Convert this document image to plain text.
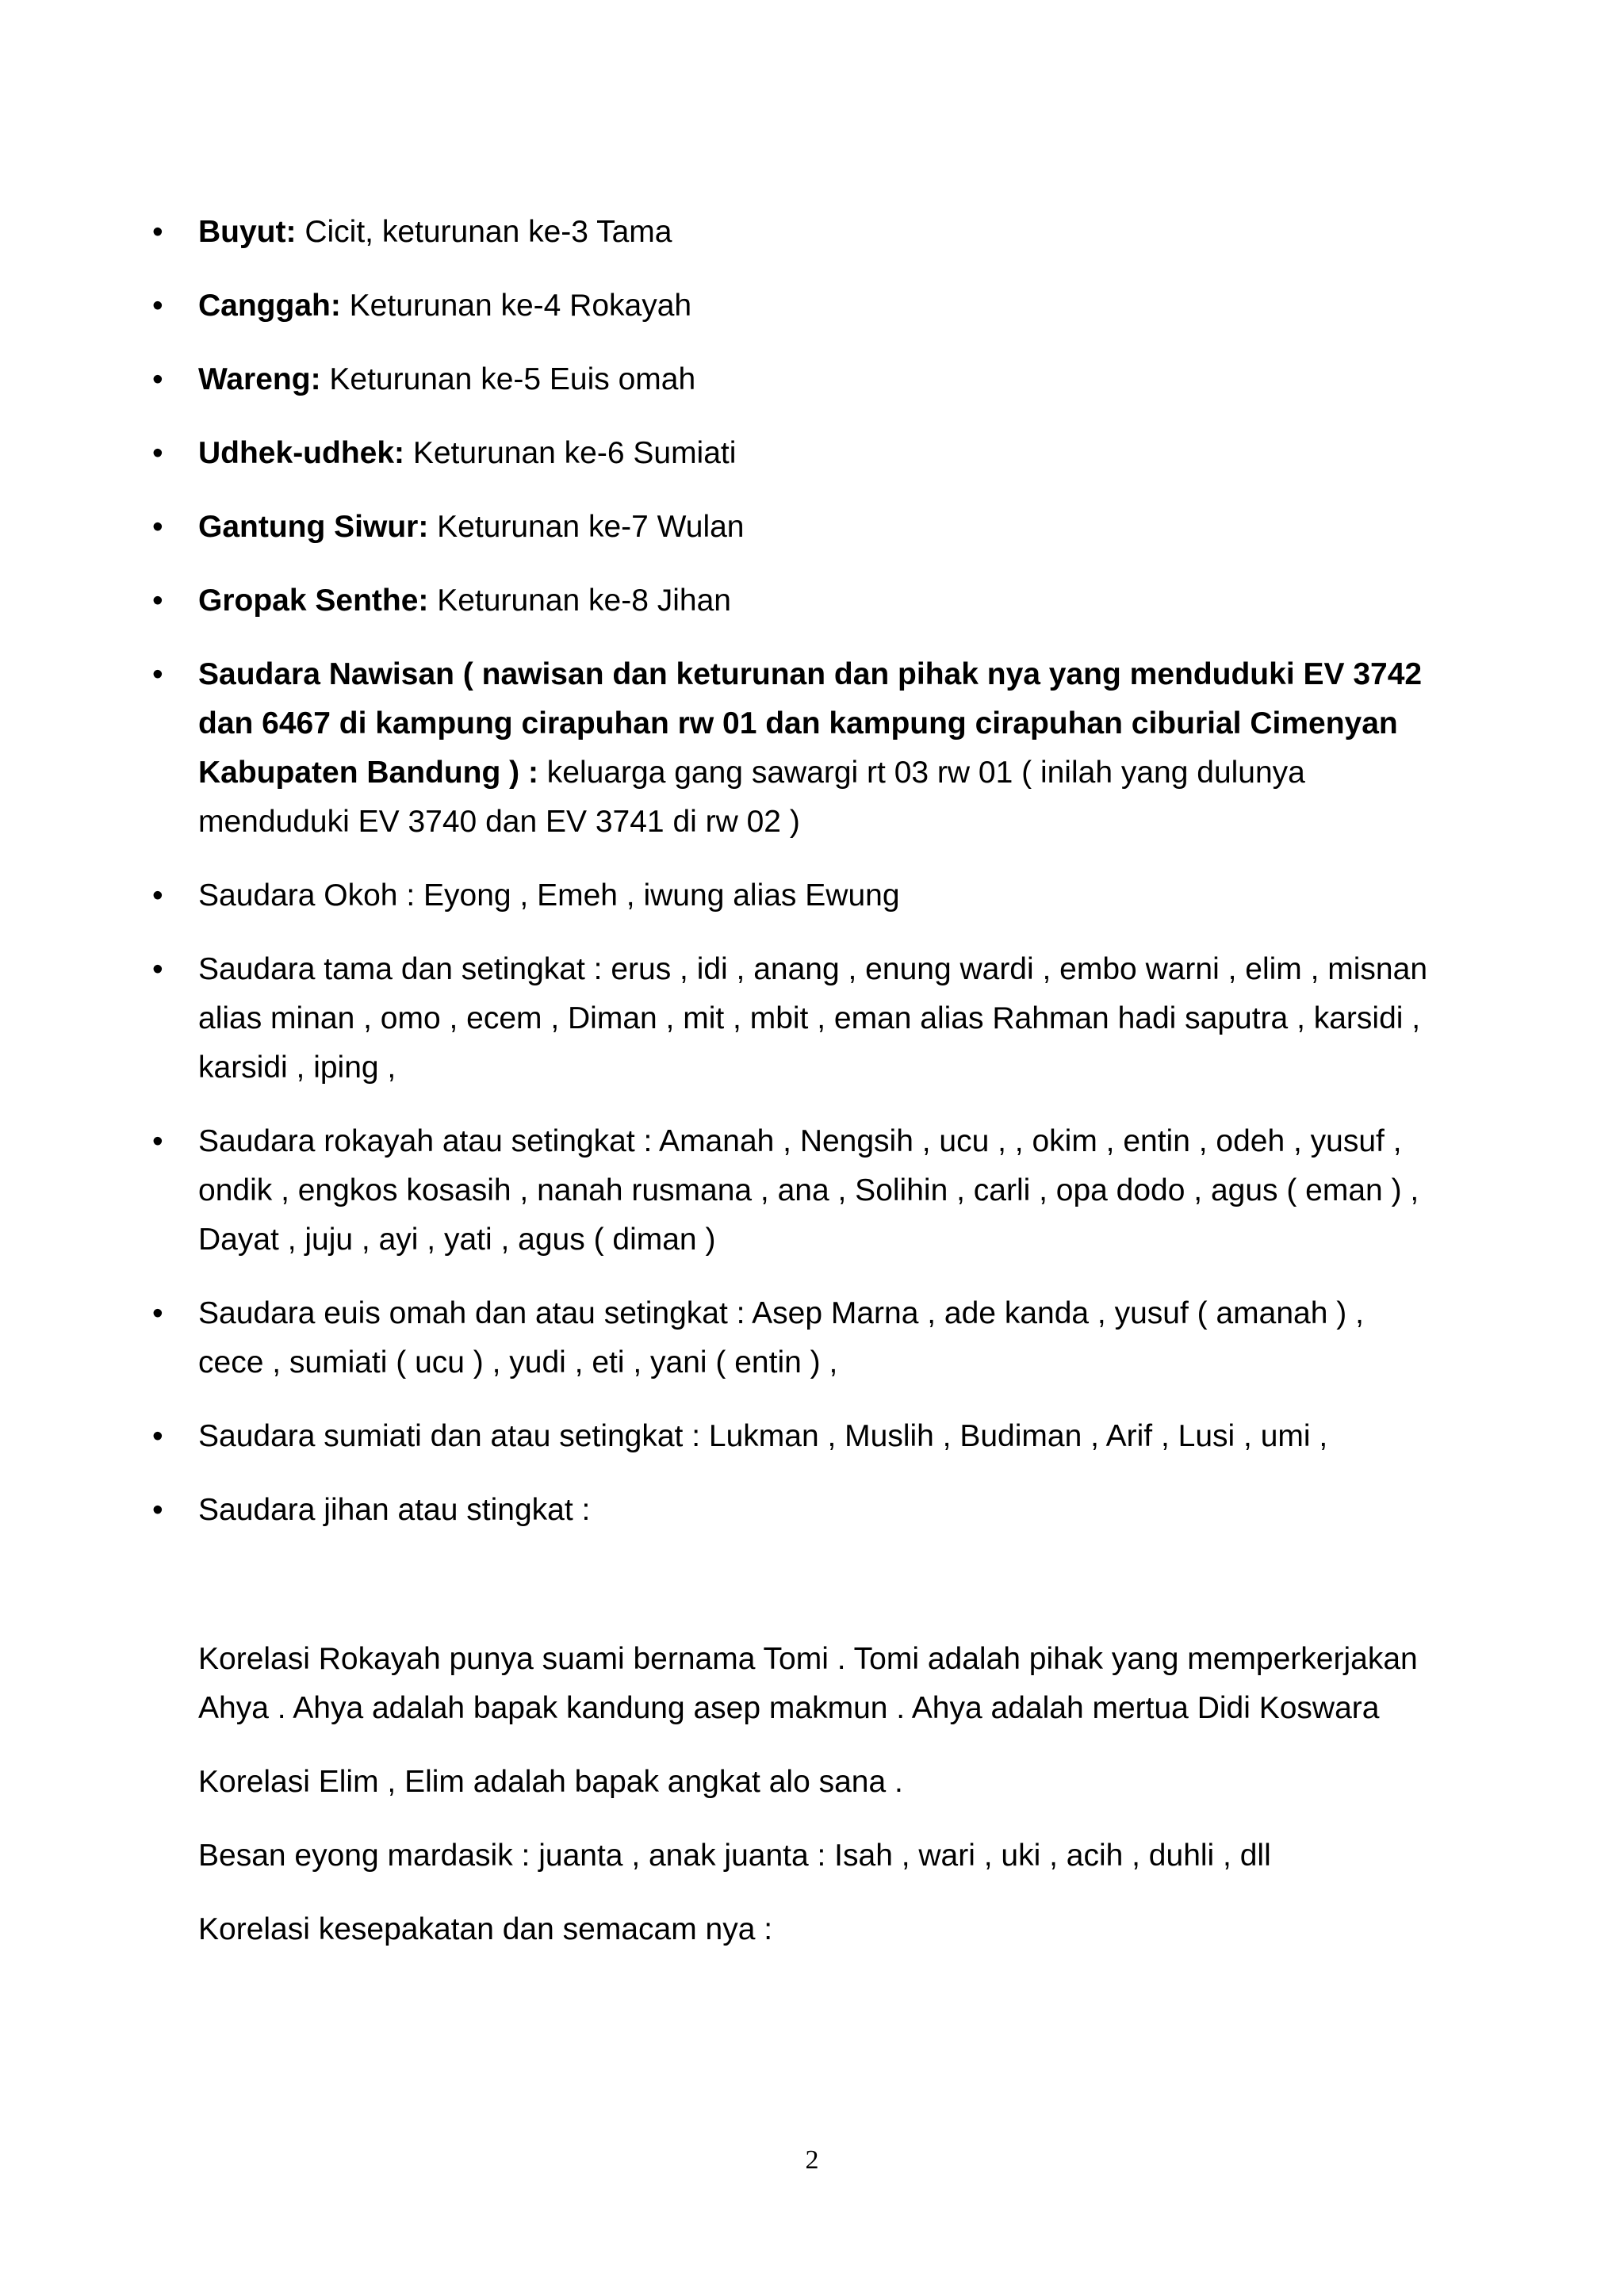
• Buyut: Cicit, keturunan ke-3 Tama
• Canggah: Keturunan ke-4 Rokayah
• Wareng: Keturunan ke-5 Euis omah
• Udhek-udhek: Keturunan ke-6 Sumiati
• Gantung Siwur: Keturunan ke-7 Wulan
• Gropak Senthe: Keturunan ke-8 Jihan
• Saudara Nawisan ( nawisan dan keturunan dan pihak nya yang menduduki EV 3742 dan 6467 di kampung cirapuhan rw 01 dan kampung cirapuhan ciburial Cimenyan Kabupaten Bandung ) : keluarga gang sawargi rt 03 rw 01 ( inilah yang dulunya menduduki EV 3740 dan EV 3741 di rw 02 )
• Saudara Okoh : Eyong , Emeh , iwung alias Ewung
• Saudara tama dan setingkat : erus , idi , anang , enung wardi , embo warni , elim , misnan alias minan , omo , ecem , Diman , mit , mbit , eman alias Rahman hadi saputra , karsidi , karsidi , iping ,
• Saudara rokayah atau setingkat : Amanah , Nengsih , ucu , , okim , entin , odeh , yusuf , ondik , engkos kosasih , nanah rusmana , ana , Solihin , carli , opa dodo , agus ( eman ) , Dayat , juju , ayi , yati , agus ( diman )
• Saudara euis omah dan atau setingkat : Asep Marna , ade kanda , yusuf ( amanah ) , cece , sumiati ( ucu ) , yudi , eti , yani ( entin ) ,
• Saudara sumiati dan atau setingkat : Lukman , Muslih , Budiman , Arif , Lusi , umi ,
• Saudara jihan atau stingkat :

Korelasi Rokayah punya suami bernama Tomi . Tomi adalah pihak yang memperkerjakan Ahya . Ahya adalah bapak kandung asep makmun . Ahya adalah mertua Didi Koswara

Korelasi Elim , Elim adalah bapak angkat alo sana .

Besan eyong mardasik : juanta , anak juanta : Isah , wari , uki , acih , duhli , dll

Korelasi kesepakatan dan semacam nya :

2
